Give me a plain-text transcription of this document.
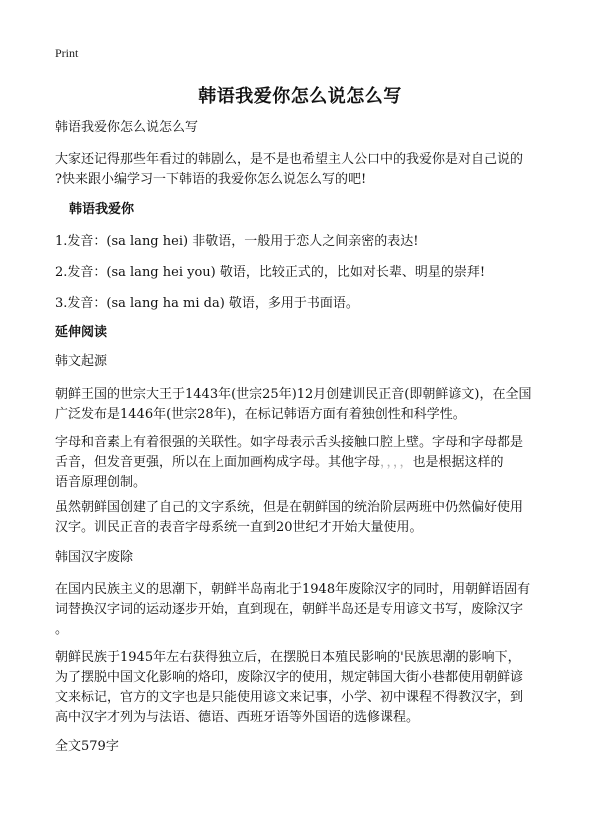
Print
韩语我爱你怎么说怎么写
韩语我爱你怎么说怎么写
大家还记得那些年看过的韩剧么，是不是也希望主人公口中的我爱你是对自己说的
?快来跟小编学习一下韩语的我爱你怎么说怎么写的吧!
韩语我爱你
1.发音：(sa lang hei) 非敬语，一般用于恋人之间亲密的表达!
2.发音：(sa lang hei you) 敬语，比较正式的，比如对长辈、明星的崇拜!
3.发音：(sa lang ha mi da) 敬语，多用于书面语。
延伸阅读
韩文起源
朝鲜王国的世宗大王于1443年(世宗25年)12月创建训民正音(即朝鲜谚文)，在全国
广泛发布是1446年(世宗28年)，在标记韩语方面有着独创性和科学性。
字母和音素上有着很强的关联性。如字母表示舌头接触口腔上壁。字母和字母都是
舌音，但发音更强，所以在上面加画构成字母。其他字母，，，，也是根据这样的
语音原理创制。
虽然朝鲜国创建了自己的文字系统，但是在朝鲜国的统治阶层两班中仍然偏好使用
汉字。训民正音的表音字母系统一直到20世纪才开始大量使用。
韩国汉字废除
在国内民族主义的思潮下，朝鲜半岛南北于1948年废除汉字的同时，用朝鲜语固有
词替换汉字词的运动逐步开始，直到现在，朝鲜半岛还是专用谚文书写，废除汉字
。
朝鲜民族于1945年左右获得独立后，在摆脱日本殖民影响的'民族思潮的影响下，
为了摆脱中国文化影响的烙印，废除汉字的使用，规定韩国大街小巷都使用朝鲜谚
文来标记，官方的文字也是只能使用谚文来记事，小学、初中课程不得教汉字，到
高中汉字才列为与法语、德语、西班牙语等外国语的选修课程。
全文579字
